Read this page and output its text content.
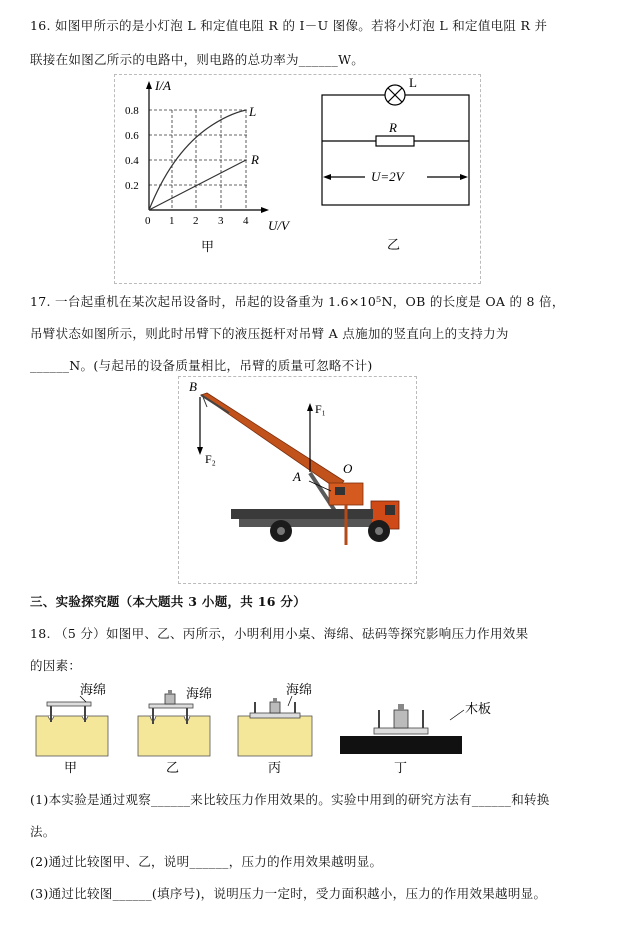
16. 如图甲所示的是小灯泡 L 和定值电阻 R 的 I－U 图像。若将小灯泡 L 和定值电阻 R 并
联接在如图乙所示的电路中，则电路的总功率为______W。
I/A
U/V
0.8
0.6
0.4
0.2
0 1 2 3 4
L
R
甲
L
R
U=2V
乙
17. 一台起重机在某次起吊设备时，吊起的设备重为 1.6×10⁵N，OB 的长度是 OA 的 8 倍，
吊臂状态如图所示，则此时吊臂下的液压挺杆对吊臂 A 点施加的竖直向上的支持力为
______N。(与起吊的设备质量相比，吊臂的质量可忽略不计)
B
F₁
F₂
A
O
三、实验探究题（本大题共 3 小题，共 16 分）
18. （5 分）如图甲、乙、丙所示，小明利用小桌、海绵、砝码等探究影响压力作用效果
的因素：
海绵
甲
海绵
乙
海绵
丙
木板
丁
(1)本实验是通过观察______来比较压力作用效果的。实验中用到的研究方法有______和转换
法。
(2)通过比较图甲、乙，说明______，压力的作用效果越明显。
(3)通过比较图______(填序号)，说明压力一定时，受力面积越小，压力的作用效果越明显。
